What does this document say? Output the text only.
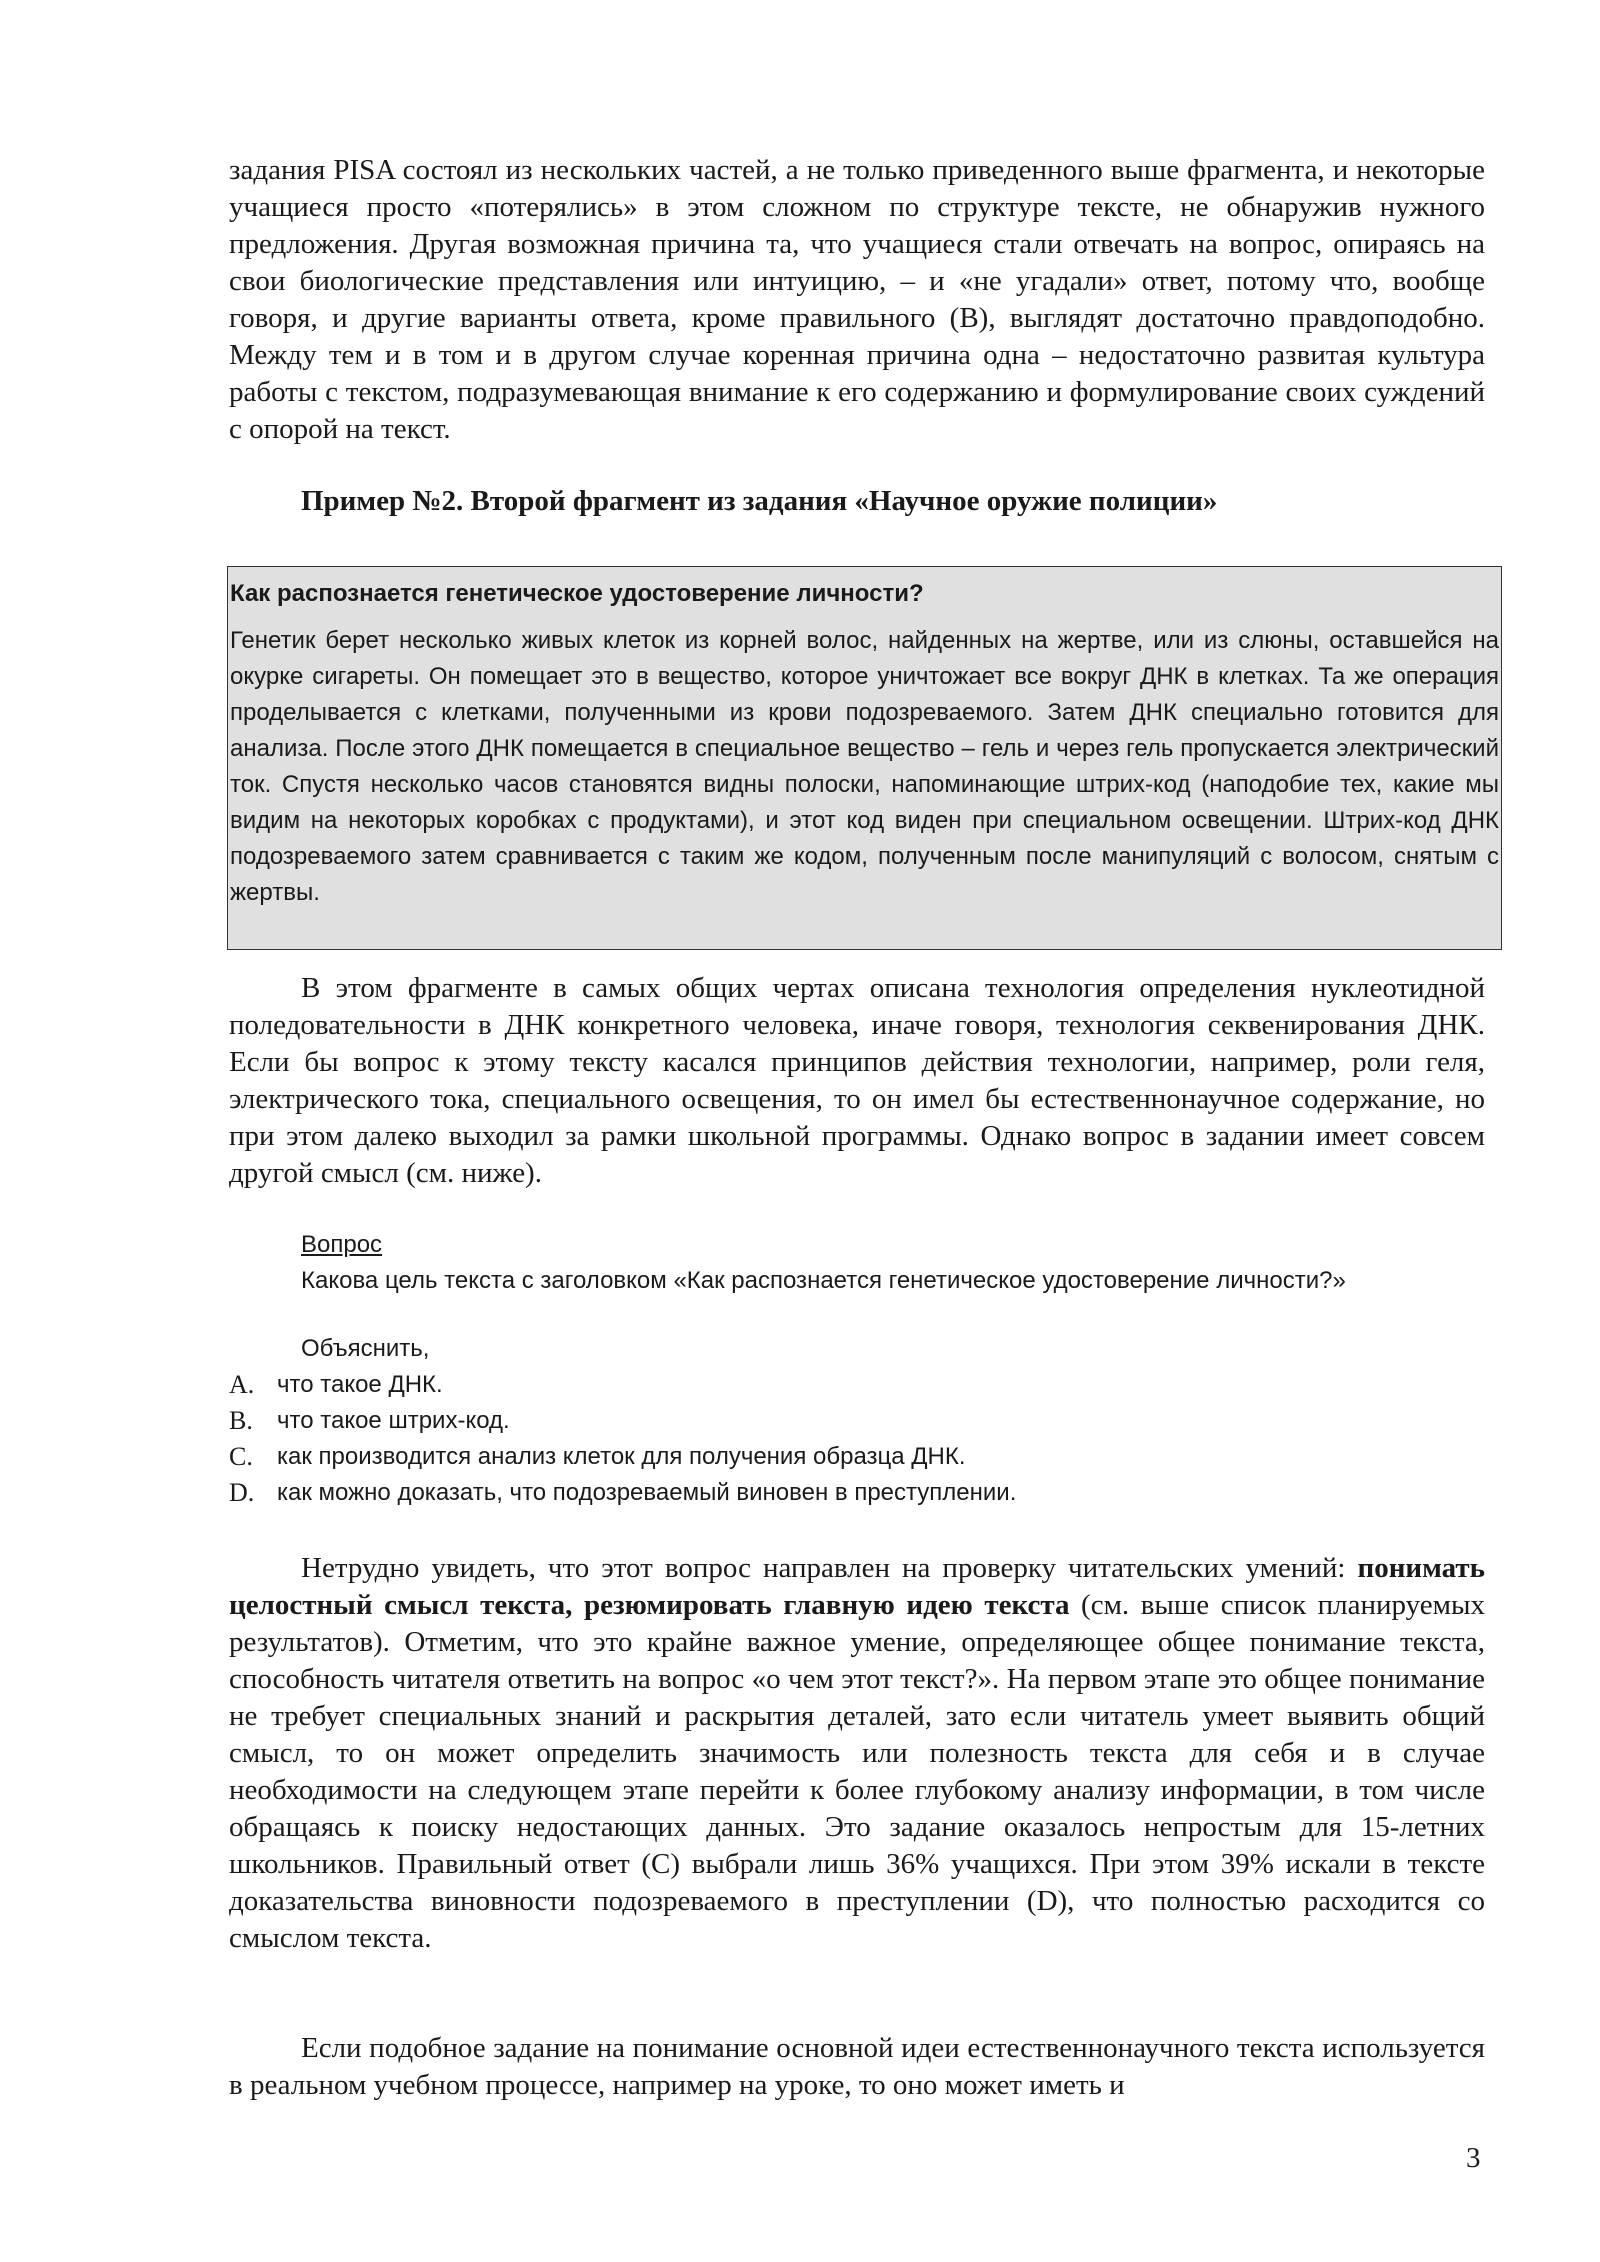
задания PISA состоял из нескольких частей, а не только приведенного выше фрагмента, и некоторые учащиеся просто «потерялись» в этом сложном по структуре тексте, не обнаружив нужного предложения. Другая возможная причина та, что учащиеся стали отвечать на вопрос, опираясь на свои биологические представления или интуицию, – и «не угадали» ответ, потому что, вообще говоря, и другие варианты ответа, кроме правильного (B), выглядят достаточно правдоподобно. Между тем и в том и в другом случае коренная причина одна – недостаточно развитая культура работы с текстом, подразумевающая внимание к его содержанию и формулирование своих суждений с опорой на текст.

Пример №2. Второй фрагмент из задания «Научное оружие полиции»

Как распознается генетическое удостоверение личности?

Генетик берет несколько живых клеток из корней волос, найденных на жертве, или из слюны, оставшейся на окурке сигареты. Он помещает это в вещество, которое уничтожает все вокруг ДНК в клетках. Та же операция проделывается с клетками, полученными из крови подозреваемого. Затем ДНК специально готовится для анализа. После этого ДНК помещается в специальное вещество – гель и через гель пропускается электрический ток. Спустя несколько часов становятся видны полоски, напоминающие штрих-код (наподобие тех, какие мы видим на некоторых коробках с продуктами), и этот код виден при специальном освещении. Штрих-код ДНК подозреваемого затем сравнивается с таким же кодом, полученным после манипуляций с волосом, снятым с жертвы.

В этом фрагменте в самых общих чертах описана технология определения нуклеотидной поледовательности в ДНК конкретного человека, иначе говоря, технология секвенирования ДНК. Если бы вопрос к этому тексту касался принципов действия технологии, например, роли геля, электрического тока, специального освещения, то он имел бы естественнонаучное содержание, но при этом далеко выходил за рамки школьной программы. Однако вопрос в задании имеет совсем другой смысл (см. ниже).

Вопрос
Какова цель текста с заголовком «Как распознается генетическое удостоверение личности?»
Объяснить,
A. что такое ДНК.
B.	что такое штрих-код.
C.	как производится анализ клеток для получения образца ДНК.
D. как можно доказать, что подозреваемый виновен в преступлении.

Нетрудно увидеть, что этот вопрос направлен на проверку читательских умений: понимать целостный смысл текста, резюмировать главную идею текста (см. выше список планируемых результатов). Отметим, что это крайне важное умение, определяющее общее понимание текста, способность читателя ответить на вопрос «о чем этот текст?». На первом этапе это общее понимание не требует специальных знаний и раскрытия деталей, зато если читатель умеет выявить общий смысл, то он может определить значимость или полезность текста для себя и в случае необходимости на следующем этапе перейти к более глубокому анализу информации, в том числе обращаясь к поиску недостающих данных. Это задание оказалось непростым для 15-летних школьников. Правильный ответ (C) выбрали лишь 36% учащихся. При этом 39% искали в тексте доказательства виновности подозреваемого в преступлении (D), что полностью расходится со смыслом текста.

Если подобное задание на понимание основной идеи естественнонаучного текста используется в реальном учебном процессе, например на уроке, то оно может иметь и

3
